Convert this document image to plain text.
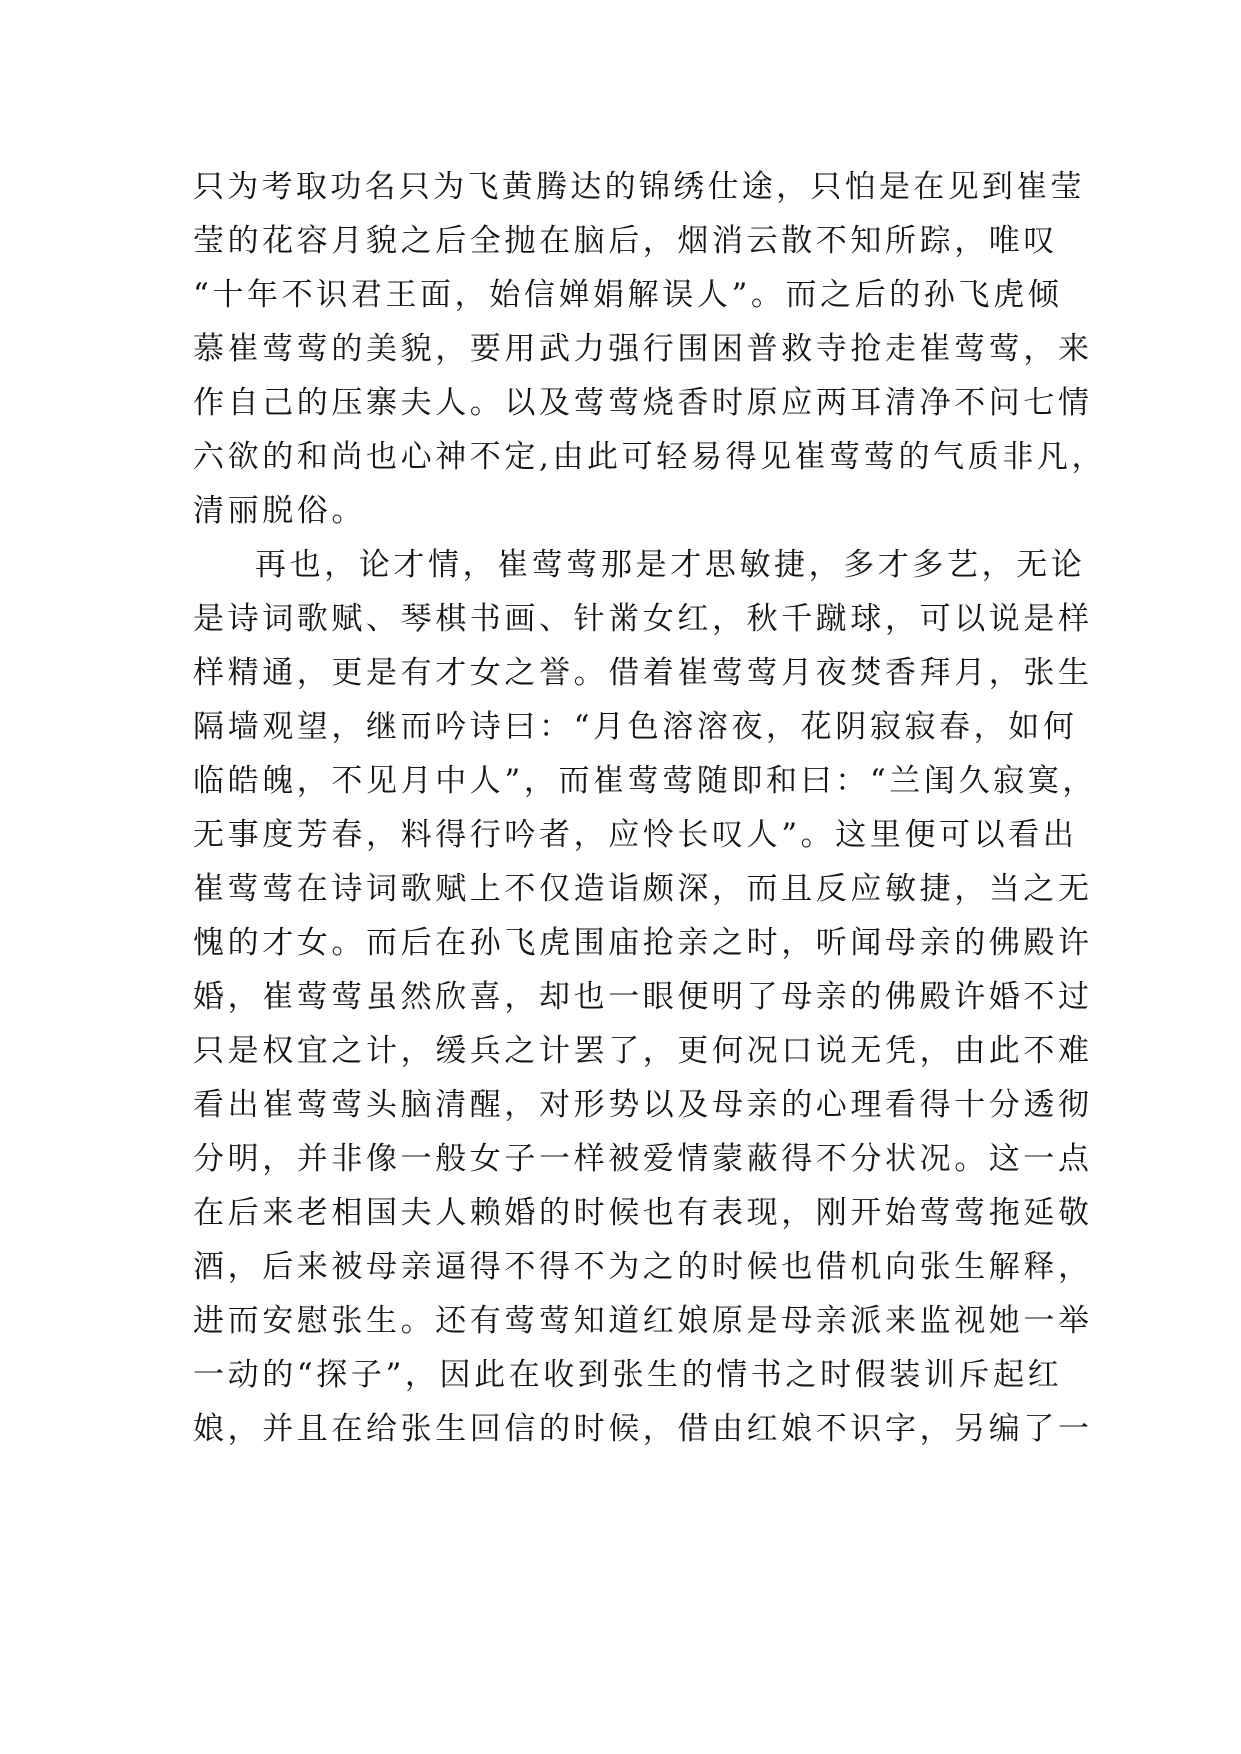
只为考取功名只为飞黄腾达的锦绣仕途，只怕是在见到崔莹
莹的花容月貌之后全抛在脑后，烟消云散不知所踪，唯叹
“十年不识君王面，始信婵娟解误人”。而之后的孙飞虎倾
慕崔莺莺的美貌，要用武力强行围困普救寺抢走崔莺莺，来
作自己的压寨夫人。以及莺莺烧香时原应两耳清净不问七情
六欲的和尚也心神不定,由此可轻易得见崔莺莺的气质非凡，
清丽脱俗。
再也，论才情，崔莺莺那是才思敏捷，多才多艺，无论
是诗词歌赋、琴棋书画、针黹女红，秋千蹴球，可以说是样
样精通，更是有才女之誉。借着崔莺莺月夜焚香拜月，张生
隔墙观望，继而吟诗曰：“月色溶溶夜，花阴寂寂春，如何
临皓魄，不见月中人”，而崔莺莺随即和曰：“兰闺久寂寞，
无事度芳春，料得行吟者，应怜长叹人”。这里便可以看出
崔莺莺在诗词歌赋上不仅造诣颇深，而且反应敏捷，当之无
愧的才女。而后在孙飞虎围庙抢亲之时，听闻母亲的佛殿许
婚，崔莺莺虽然欣喜，却也一眼便明了母亲的佛殿许婚不过
只是权宜之计，缓兵之计罢了，更何况口说无凭，由此不难
看出崔莺莺头脑清醒，对形势以及母亲的心理看得十分透彻
分明，并非像一般女子一样被爱情蒙蔽得不分状况。这一点
在后来老相国夫人赖婚的时候也有表现，刚开始莺莺拖延敬
酒，后来被母亲逼得不得不为之的时候也借机向张生解释，
进而安慰张生。还有莺莺知道红娘原是母亲派来监视她一举
一动的“探子”，因此在收到张生的情书之时假装训斥起红
娘，并且在给张生回信的时候，借由红娘不识字，另编了一
